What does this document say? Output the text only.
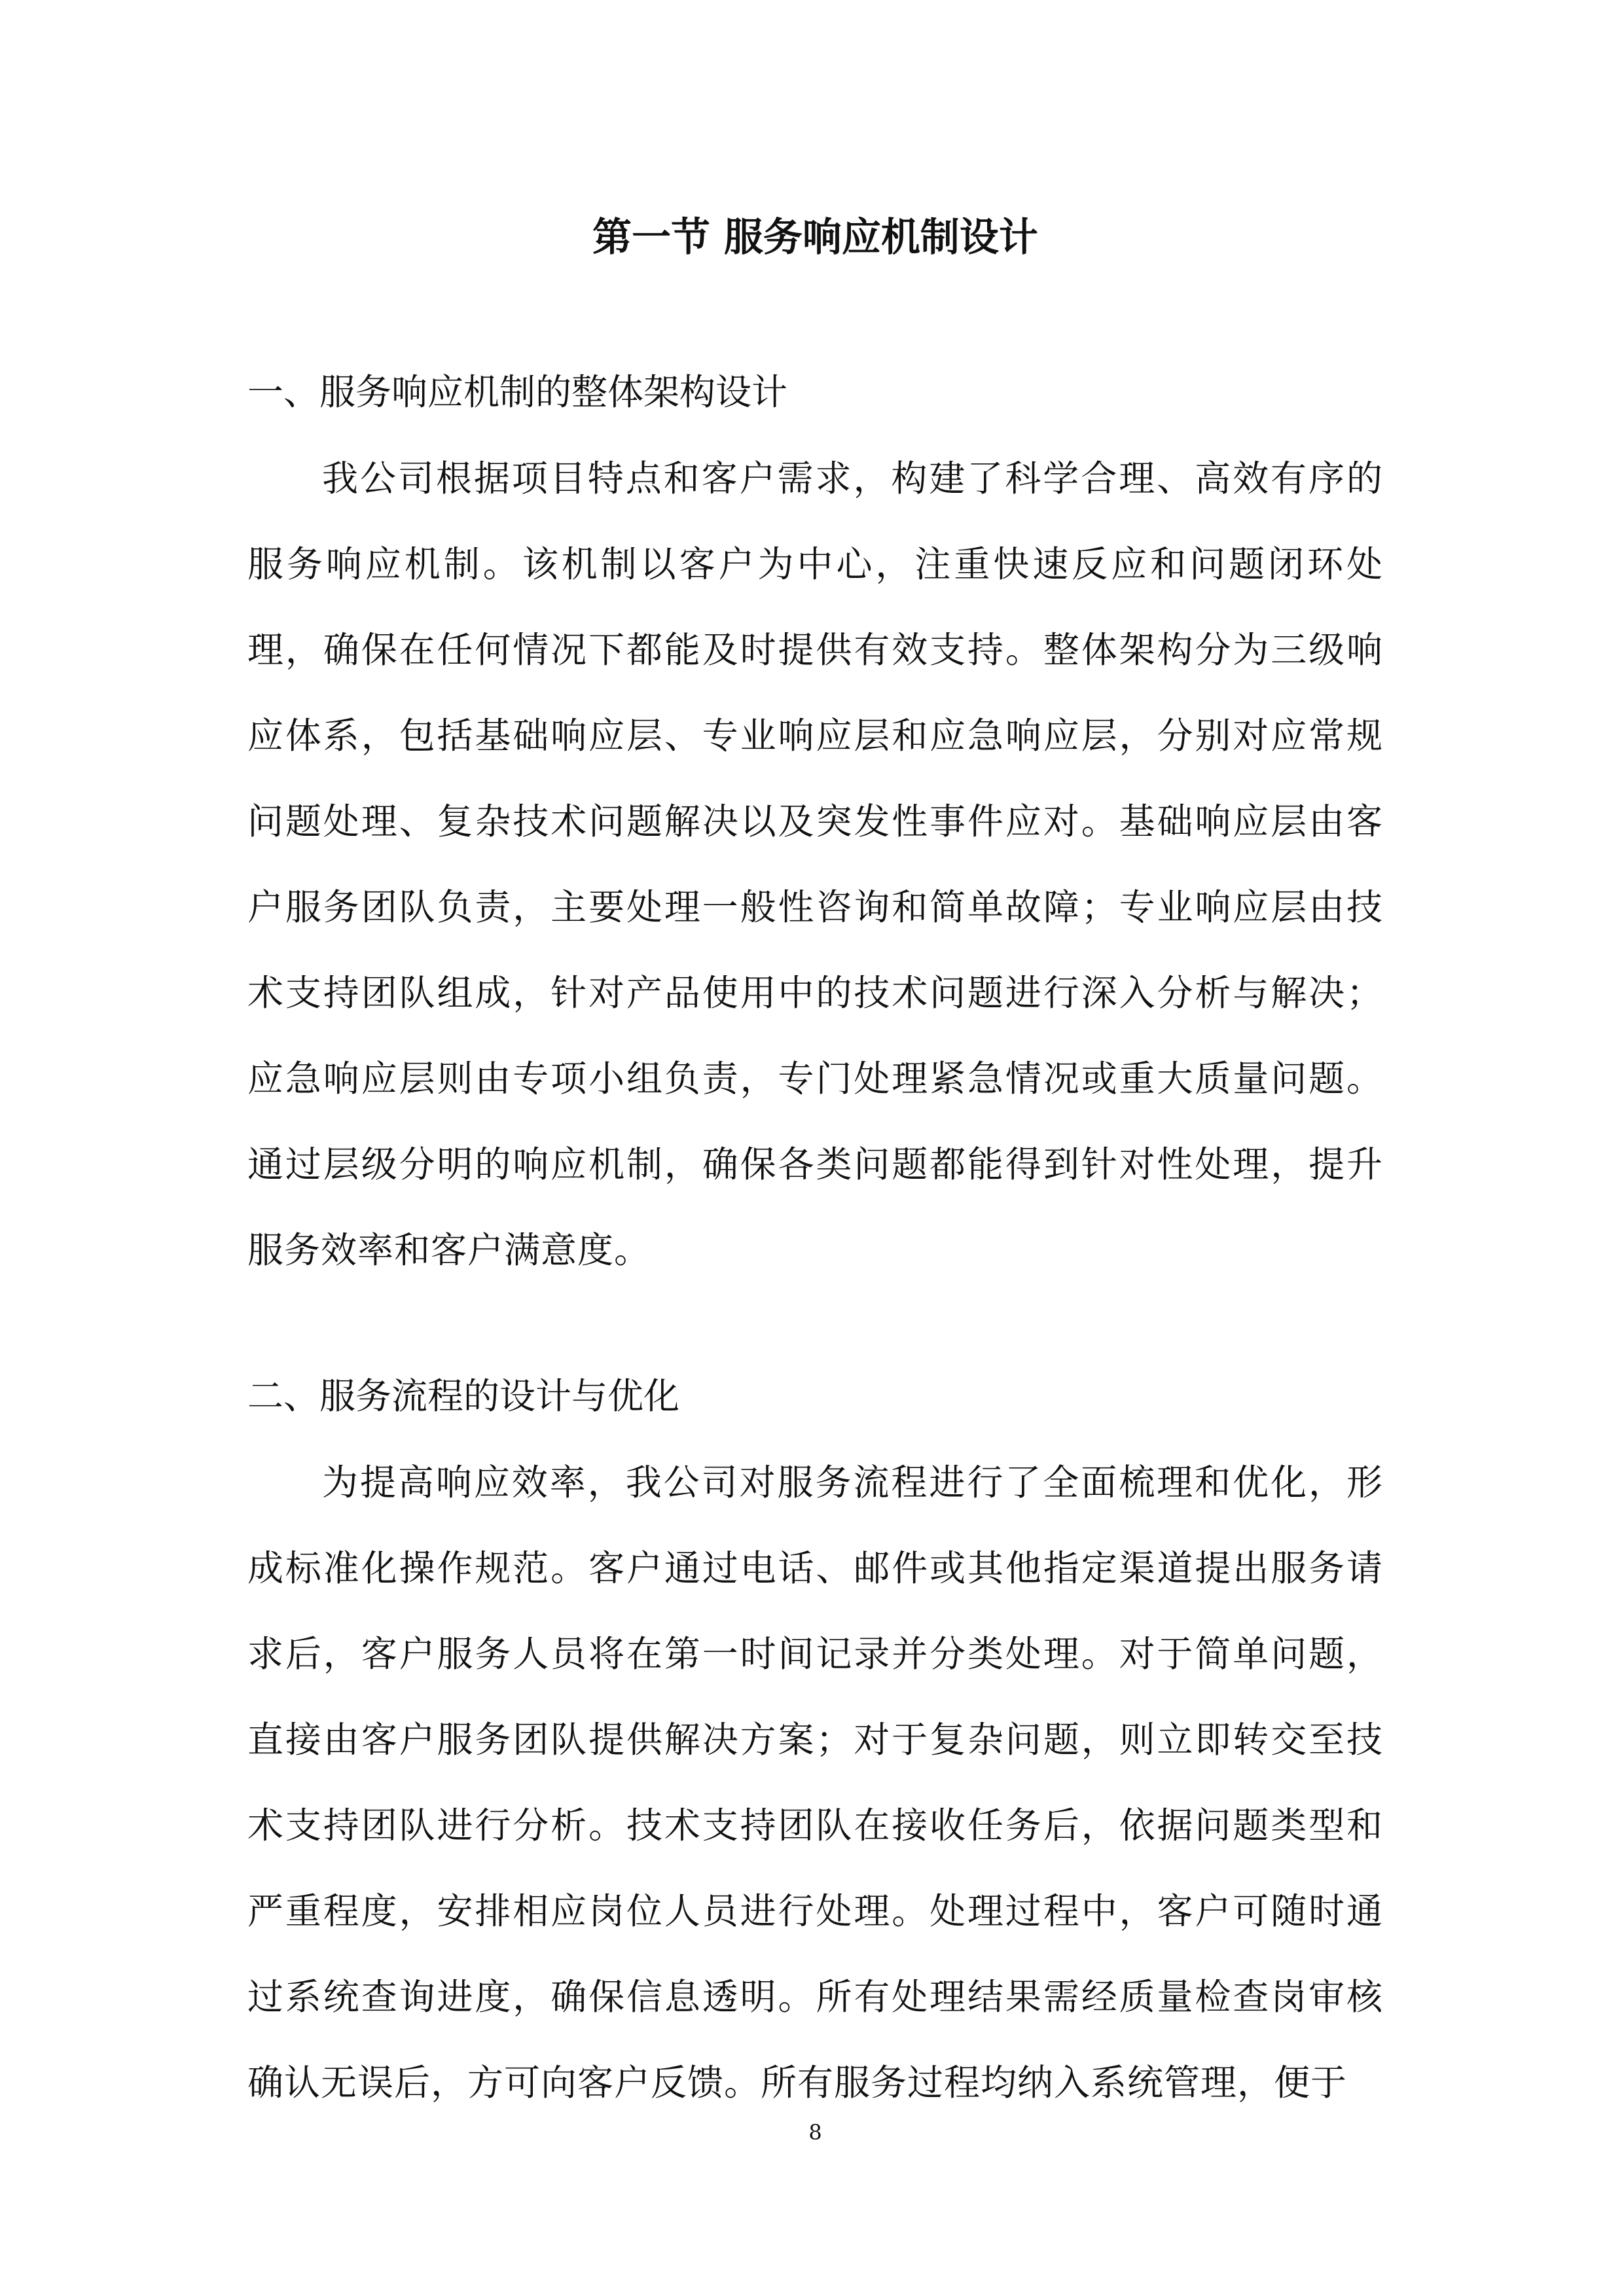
第一节 服务响应机制设计
一、服务响应机制的整体架构设计

我公司根据项目特点和客户需求，构建了科学合理、高效有序的服务响应机制。该机制以客户为中心，注重快速反应和问题闭环处理，确保在任何情况下都能及时提供有效支持。整体架构分为三级响应体系，包括基础响应层、专业响应层和应急响应层，分别对应常规问题处理、复杂技术问题解决以及突发性事件应对。基础响应层由客户服务团队负责，主要处理一般性咨询和简单故障；专业响应层由技术支持团队组成，针对产品使用中的技术问题进行深入分析与解决；应急响应层则由专项小组负责，专门处理紧急情况或重大质量问题。通过层级分明的响应机制，确保各类问题都能得到针对性处理，提升服务效率和客户满意度。

二、服务流程的设计与优化

为提高响应效率，我公司对服务流程进行了全面梳理和优化，形成标准化操作规范。客户通过电话、邮件或其他指定渠道提出服务请求后，客户服务人员将在第一时间记录并分类处理。对于简单问题，直接由客户服务团队提供解决方案；对于复杂问题，则立即转交至技术支持团队进行分析。技术支持团队在接收任务后，依据问题类型和严重程度，安排相应岗位人员进行处理。处理过程中，客户可随时通过系统查询进度，确保信息透明。所有处理结果需经质量检查岗审核确认无误后，方可向客户反馈。所有服务过程均纳入系统管理，便于

8
